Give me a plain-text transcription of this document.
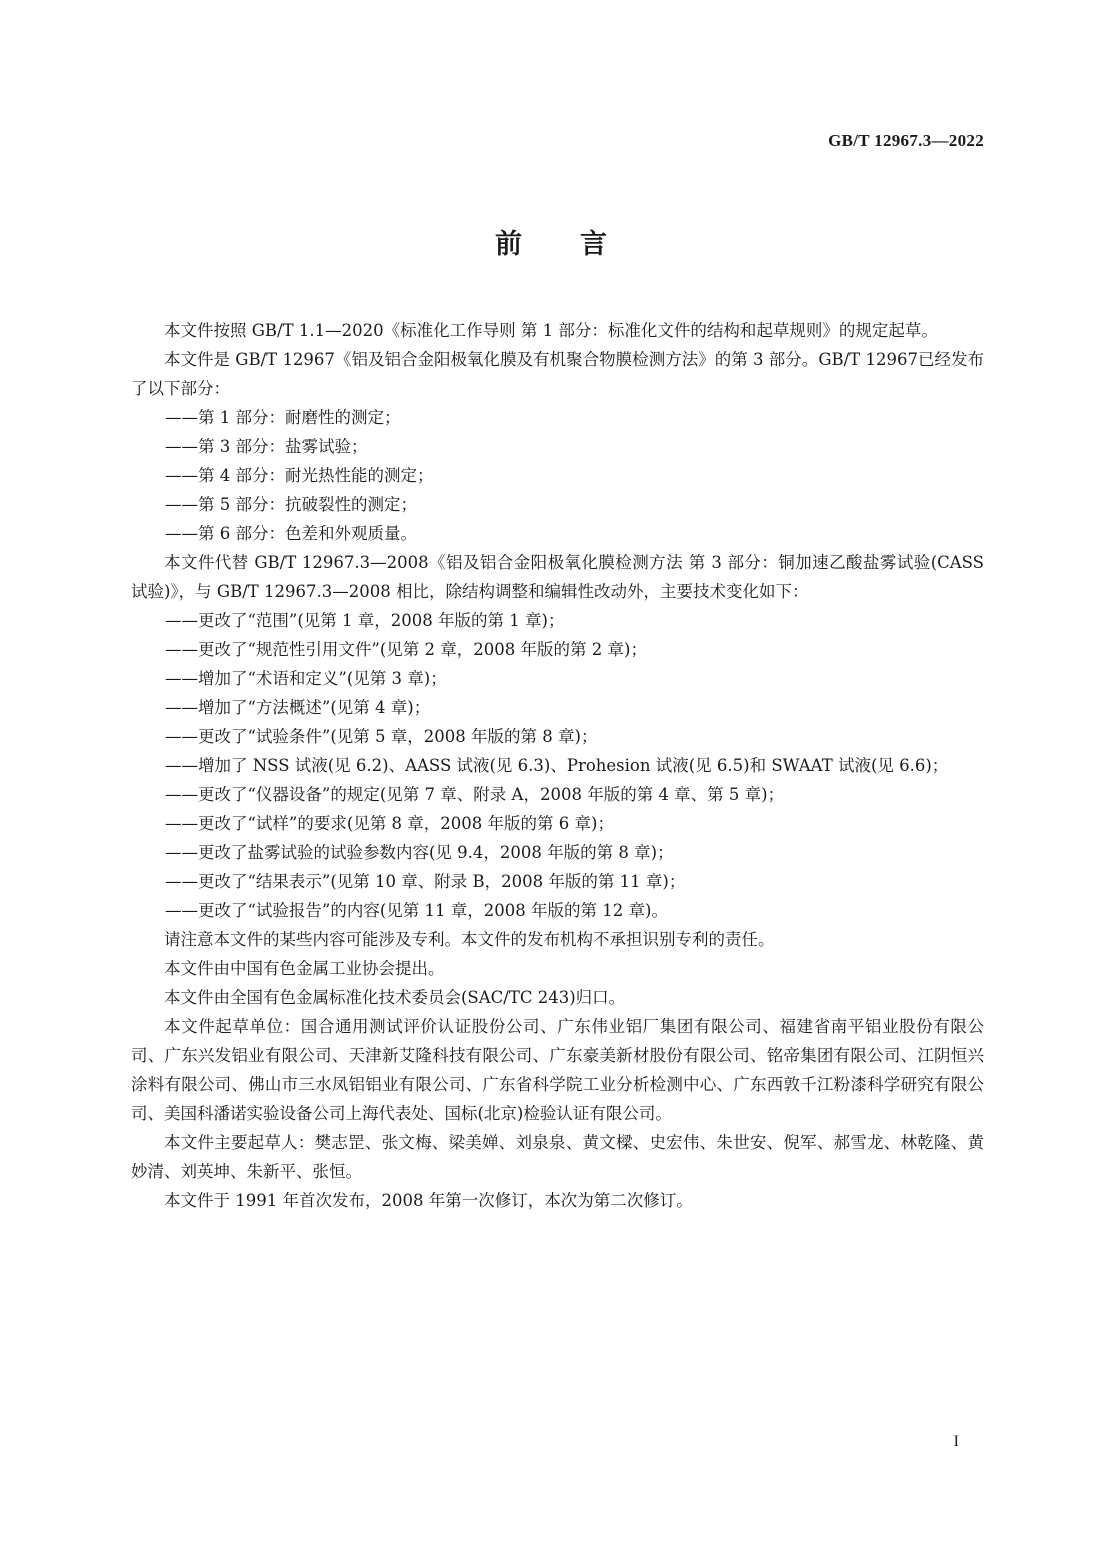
GB/T 12967.3—2022
前言

本文件按照 GB/T 1.1—2020《标准化工作导则 第 1 部分：标准化文件的结构和起草规则》的规定起草。

本文件是 GB/T 12967《铝及铝合金阳极氧化膜及有机聚合物膜检测方法》的第 3 部分。GB/T 12967已经发布了以下部分：

——第 1 部分：耐磨性的测定；

——第 3 部分：盐雾试验；

——第 4 部分：耐光热性能的测定；

——第 5 部分：抗破裂性的测定；

——第 6 部分：色差和外观质量。

本文件代替 GB/T 12967.3—2008《铝及铝合金阳极氧化膜检测方法 第 3 部分：铜加速乙酸盐雾试验(CASS 试验)》，与 GB/T 12967.3—2008 相比，除结构调整和编辑性改动外，主要技术变化如下：

——更改了“范围”(见第 1 章，2008 年版的第 1 章)；

——更改了“规范性引用文件”(见第 2 章，2008 年版的第 2 章)；

——增加了“术语和定义”(见第 3 章)；

——增加了“方法概述”(见第 4 章)；

——更改了“试验条件”(见第 5 章，2008 年版的第 8 章)；

——增加了 NSS 试液(见 6.2)、AASS 试液(见 6.3)、Prohesion 试液(见 6.5)和 SWAAT 试液(见 6.6)；

——更改了“仪器设备”的规定(见第 7 章、附录 A，2008 年版的第 4 章、第 5 章)；

——更改了“试样”的要求(见第 8 章，2008 年版的第 6 章)；

——更改了盐雾试验的试验参数内容(见 9.4，2008 年版的第 8 章)；

——更改了“结果表示”(见第 10 章、附录 B，2008 年版的第 11 章)；

——更改了“试验报告”的内容(见第 11 章，2008 年版的第 12 章)。

请注意本文件的某些内容可能涉及专利。本文件的发布机构不承担识别专利的责任。

本文件由中国有色金属工业协会提出。

本文件由全国有色金属标准化技术委员会(SAC/TC 243)归口。

本文件起草单位：国合通用测试评价认证股份公司、广东伟业铝厂集团有限公司、福建省南平铝业股份有限公司、广东兴发铝业有限公司、天津新艾隆科技有限公司、广东豪美新材股份有限公司、铭帝集团有限公司、江阴恒兴涂料有限公司、佛山市三水凤铝铝业有限公司、广东省科学院工业分析检测中心、广东西敦千江粉漆科学研究有限公司、美国科潘诺实验设备公司上海代表处、国标(北京)检验认证有限公司。

本文件主要起草人：樊志罡、张文梅、梁美婵、刘泉泉、黄文樑、史宏伟、朱世安、倪军、郝雪龙、林乾隆、黄妙清、刘英坤、朱新平、张恒。

本文件于 1991 年首次发布，2008 年第一次修订，本次为第二次修订。

I
